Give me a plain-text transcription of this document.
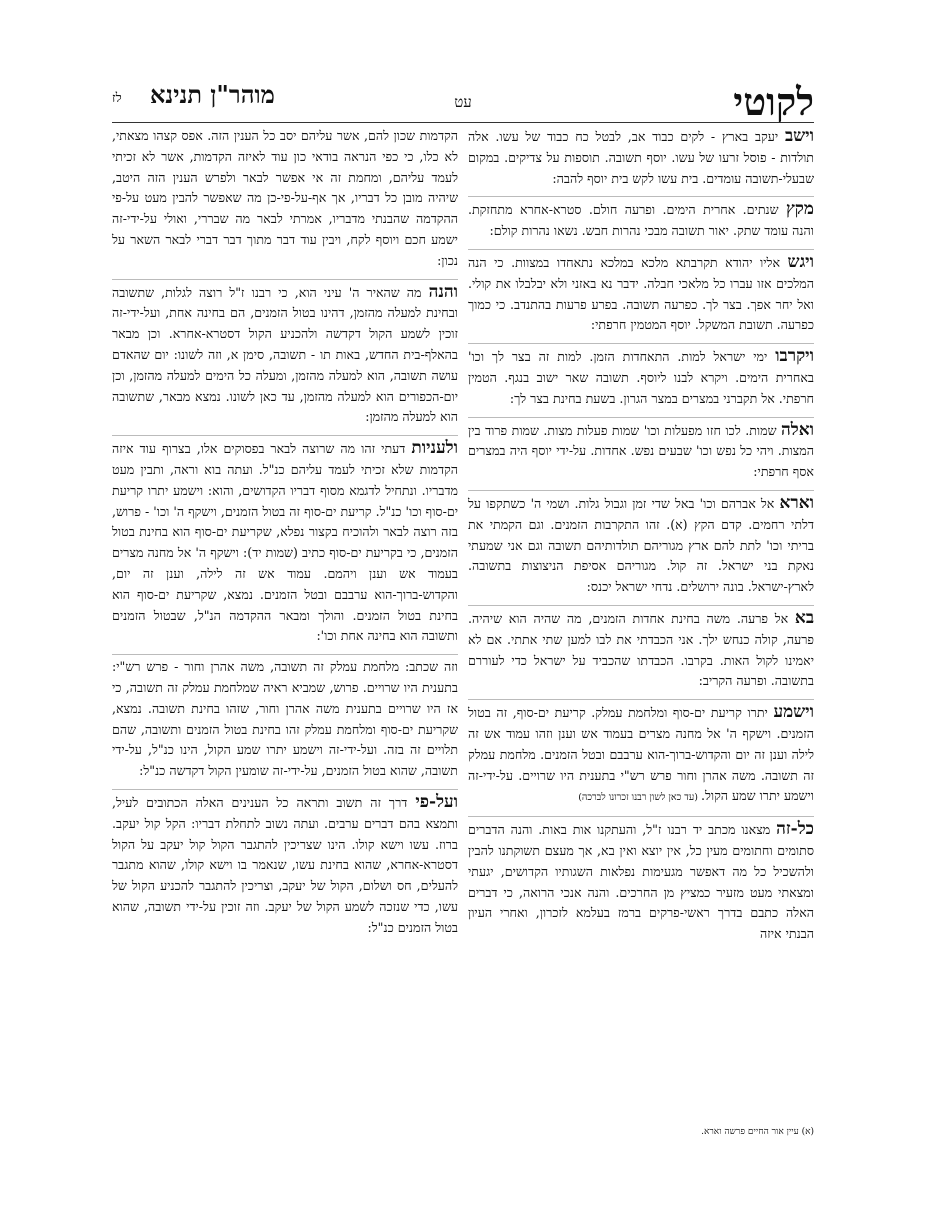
לקוטי
עט
מוהר"ן תנינא
לז
וישב יעקב בארץ - לקים כבוד אב, לבטל כח כבוד של עשו. אלה תולדות - פוסל זרעו של עשו. יוסף תשובה. תוספות על צדיקים. במקום שבעלי-תשובה עומדים. בית עשו לקש בית יוסף להבה:
מקץ שנתים. אחרית הימים. ופרעה חולם. סטרא-אחרא מתחזקת. והנה עומד שתק. יאור תשובה מבכי נהרות חבש. נשאו נהרות קולם:
ויגש אליו יהודא תקרבתא מלכא במלכא נתאחדו במצוות. כי הנה המלכים אזו עברו כל מלאכי חבלה. ידבר נא באזני ולא יבלבלו את קולי. ואל יחר אפך. בצר לך. כפרעה תשובה. בפרע פרעות בהתנדב. כי כמוך כפרעה. תשובת המשקל. יוסף המטמין חרפתי:
ויקרבו ימי ישראל למות. התאחדות הזמן. למות זה בצר לך וכו' באחרית הימים. ויקרא לבנו ליוסף. תשובה שאר ישוב בנגף. הטמין חרפתי. אל תקברני במצרים במצר הגרון. בשעת בחינת בצר לך:
ואלה שמות. לכו חזו מפעלות וכו' שמות פעלות מצות. שמות פרוד בין המצות. ויהי כל נפש וכו' שבעים נפש. אחדות. על-ידי יוסף היה במצרים אסף חרפתי:
וארא אל אברהם וכו' באל שדי זמן וגבול גלות. ושמי ה' כשתקפו על דלתי רחמים. קדם הקץ (א). זהו התקרבות הזמנים. וגם הקמתי את בריתי וכו' לתת להם ארץ מגוריהם תולדותיהם תשובה וגם אני שמעתי נאקת בני ישראל. זה קול. מגוריהם אסיפת הניצוצות בתשובה. לארץ-ישראל. בונה ירושלים. נדחי ישראל יכנס:
בא אל פרעה. משה בחינת אחדות הזמנים, מה שהיה הוא שיהיה. פרעה, קולה כנחש ילך. אני הכבדתי את לבו למען שתי אתתי. אם לא יאמינו לקול האות. בקרבו. הכבדתו שהכביד על ישראל כדי לעוררם בתשובה. ופרעה הקריב:
וישמע יתרו קריעת ים-סוף ומלחמת עמלק. קריעת ים-סוף, זה בטול הזמנים. וישקף ה' אל מחנה מצרים בעמוד אש וענן וזהו עמוד אש זה לילה וענן זה יום והקדוש-ברוך-הוא ערבבם ובטל הזמנים. מלחמת עמלק זה תשובה. משה אהרן וחור פרש רש"י בתענית היו שרויים. על-ידי-זה וישמע יתרו שמע הקול. (עד כאן לשון רבנו זכרונו לברכה)
כל-זה מצאנו מכתב יד רבנו ז"ל, והעתקנו אות באות. והנה הדברים סתומים וחתומים מעין כל, אין יוצא ואין בא, אך מעצם תשוקתנו להבין ולהשכיל כל מה דאפשר מגעימות נפלאות השגותיו הקדושים, יגעתי ומצאתי מעט מזעיר כמציץ מן החרכים. והנה אנכי הרואה, כי דברים האלה כתבם בדרך ראשי-פרקים ברמז בעלמא לזכרון, ואחרי העיון הבנתי איזה
הקדמות שכון להם, אשר עליהם יסב כל הענין הזה. אפס קצהו מצאתי, לא כלו, כי כפי הנראה בודאי כון עוד לאיזה הקדמות, אשר לא זכיתי לעמד עליהם, ומחמת זה אי אפשר לבאר ולפרש הענין הזה היטב, שיהיה מובן כל דבריו, אך אף-על-פי-כן מה שאפשר להבין מעט על-פי ההקדמה שהבנתי מדבריו, אמרתי לבאר מה שבררי, ואולי על-ידי-זה ישמע חכם ויוסף לקח, ויבין עוד דבר מתוך דבר דברי לבאר השאר על נכון:
והנה מה שהאיר ה' עיני הוא, כי רבנו ז"ל רוצה לגלות, שתשובה ובחינת למעלה מהזמן, דהינו בטול הזמנים, הם בחינה אחת, ועל-ידי-זה זוכין לשמע הקול דקדשה ולהכניע הקול דסטרא-אחרא. וכן מבאר בהאלף-בית החדש, באות תו - תשובה, סימן א, וזה לשונו: יום שהאדם עושה תשובה, הוא למעלה מהזמן, ומעלה כל הימים למעלה מהזמן, וכן יום-הכפורים הוא למעלה מהזמן, עד כאן לשונו. נמצא מבאר, שתשובה הוא למעלה מהזמן:
ולעניות דעתי זהו מה שרוצה לבאר בפסוקים אלו, בצרוף עוד איזה הקדמות שלא זכיתי לעמד עליהם כנ"ל. ועתה בוא וראה, ותבין מעט מדבריו. ונתחיל לדגמא מסוף דבריו הקדושים, והוא: וישמע יתרו קריעת ים-סוף וכו' כנ"ל. קריעת ים-סוף זה בטול הזמנים, וישקף ה' וכו' - פרוש, בזה רוצה לבאר ולהוכיח בקצור נפלא, שקריעת ים-סוף הוא בחינת בטול הזמנים, כי בקריעת ים-סוף כתיב (שמות יד): וישקף ה' אל מחנה מצרים בעמוד אש וענן ויהמם. עמוד אש זה לילה, וענן זה יום, והקדוש-ברוך-הוא ערבבם ובטל הזמנים. נמצא, שקריעת ים-סוף הוא בחינת בטול הזמנים. והולך ומבאר ההקדמה הנ"ל, שבטול הזמנים ותשובה הוא בחינה אחת וכו':
וזה שכתב: מלחמת עמלק זה תשובה, משה אהרן וחור - פרש רש"י: בתענית היו שרויים. פרוש, שמביא ראיה שמלחמת עמלק זה תשובה, כי אז היו שרויים בתענית משה אהרן וחור, שזהו בחינת תשובה. נמצא, שקריעת ים-סוף ומלחמת עמלק זהו בחינת בטול הזמנים ותשובה, שהם תלויים זה בזה. ועל-ידי-זה וישמע יתרו שמע הקול, הינו כנ"ל, על-ידי תשובה, שהוא בטול הזמנים, על-ידי-זה שומעין הקול דקדשה כנ"ל:
ועל-פי דרך זה תשוב ותראה כל הענינים האלה הכתובים לעיל, ותמצא בהם דברים ערבים. ועתה נשוב לתחלת דבריו: הקל קול יעקב. ברוז. עשו וישא קולו. הינו שצריכין להתגבר הקול קול יעקב על הקול דסטרא-אחרא, שהוא בחינת עשו, שנאמר בו וישא קולו, שהוא מתגבר להעלים, חס ושלום, הקול של יעקב, וצריכין להתגבר להכניע הקול של עשו, כדי שנזכה לשמע הקול של יעקב. וזה זוכין על-ידי תשובה, שהוא בטול הזמנים כנ"ל:
(א) עיין אור החיים פרשה וארא.
